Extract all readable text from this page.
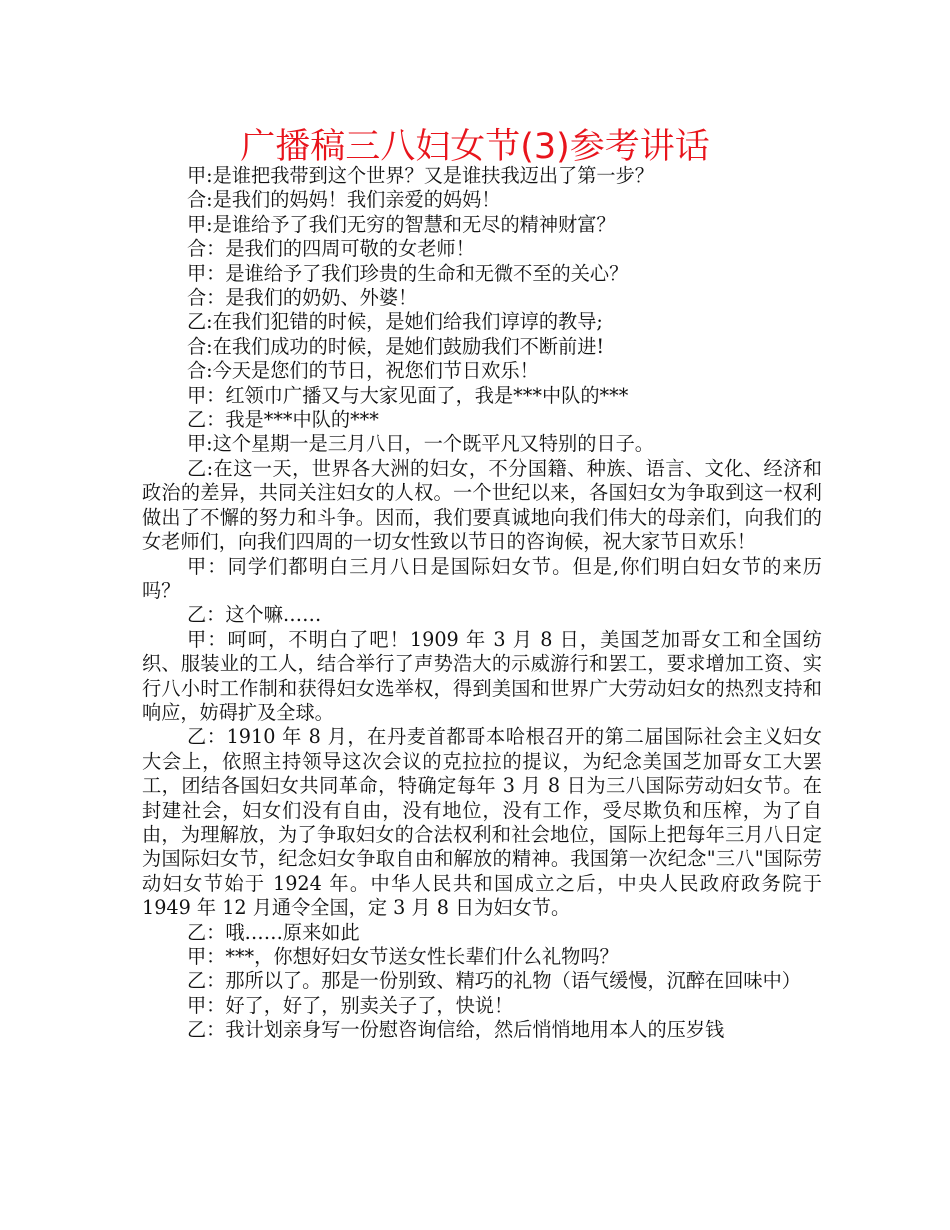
广播稿三八妇女节(3)参考讲话

甲:是谁把我带到这个世界？又是谁扶我迈出了第一步？

合:是我们的妈妈！我们亲爱的妈妈！

甲:是谁给予了我们无穷的智慧和无尽的精神财富？

合：是我们的四周可敬的女老师！

甲：是谁给予了我们珍贵的生命和无微不至的关心？

合：是我们的奶奶、外婆！

乙:在我们犯错的时候，是她们给我们谆谆的教导;

合:在我们成功的时候，是她们鼓励我们不断前进!

合:今天是您们的节日，祝您们节日欢乐！

甲：红领巾广播又与大家见面了，我是***中队的***

乙：我是***中队的***

甲:这个星期一是三月八日，一个既平凡又特别的日子。

乙:在这一天，世界各大洲的妇女，不分国籍、种族、语言、文化、经济和政治的差异，共同关注妇女的人权。一个世纪以来，各国妇女为争取到这一权利做出了不懈的努力和斗争。因而，我们要真诚地向我们伟大的母亲们，向我们的女老师们，向我们四周的一切女性致以节日的咨询候，祝大家节日欢乐！

甲：同学们都明白三月八日是国际妇女节。但是,你们明白妇女节的来历吗？

乙：这个嘛……

甲：呵呵，不明白了吧！1909 年 3 月 8 日，美国芝加哥女工和全国纺织、服装业的工人，结合举行了声势浩大的示威游行和罢工，要求增加工资、实行八小时工作制和获得妇女选举权，得到美国和世界广大劳动妇女的热烈支持和响应，妨碍扩及全球。

乙：1910 年 8 月，在丹麦首都哥本哈根召开的第二届国际社会主义妇女大会上，依照主持领导这次会议的克拉拉的提议，为纪念美国芝加哥女工大罢工，团结各国妇女共同革命，特确定每年 3 月 8 日为三八国际劳动妇女节。在封建社会，妇女们没有自由，没有地位，没有工作，受尽欺负和压榨，为了自由，为理解放，为了争取妇女的合法权利和社会地位，国际上把每年三月八日定为国际妇女节，纪念妇女争取自由和解放的精神。我国第一次纪念"三八"国际劳动妇女节始于 1924 年。中华人民共和国成立之后，中央人民政府政务院于 1949 年 12 月通令全国，定 3 月 8 日为妇女节。

乙：哦……原来如此

甲：***，你想好妇女节送女性长辈们什么礼物吗？

乙：那所以了。那是一份别致、精巧的礼物（语气缓慢，沉醉在回味中）

甲：好了，好了，别卖关子了，快说！

乙：我计划亲身写一份慰咨询信给，然后悄悄地用本人的压岁钱
